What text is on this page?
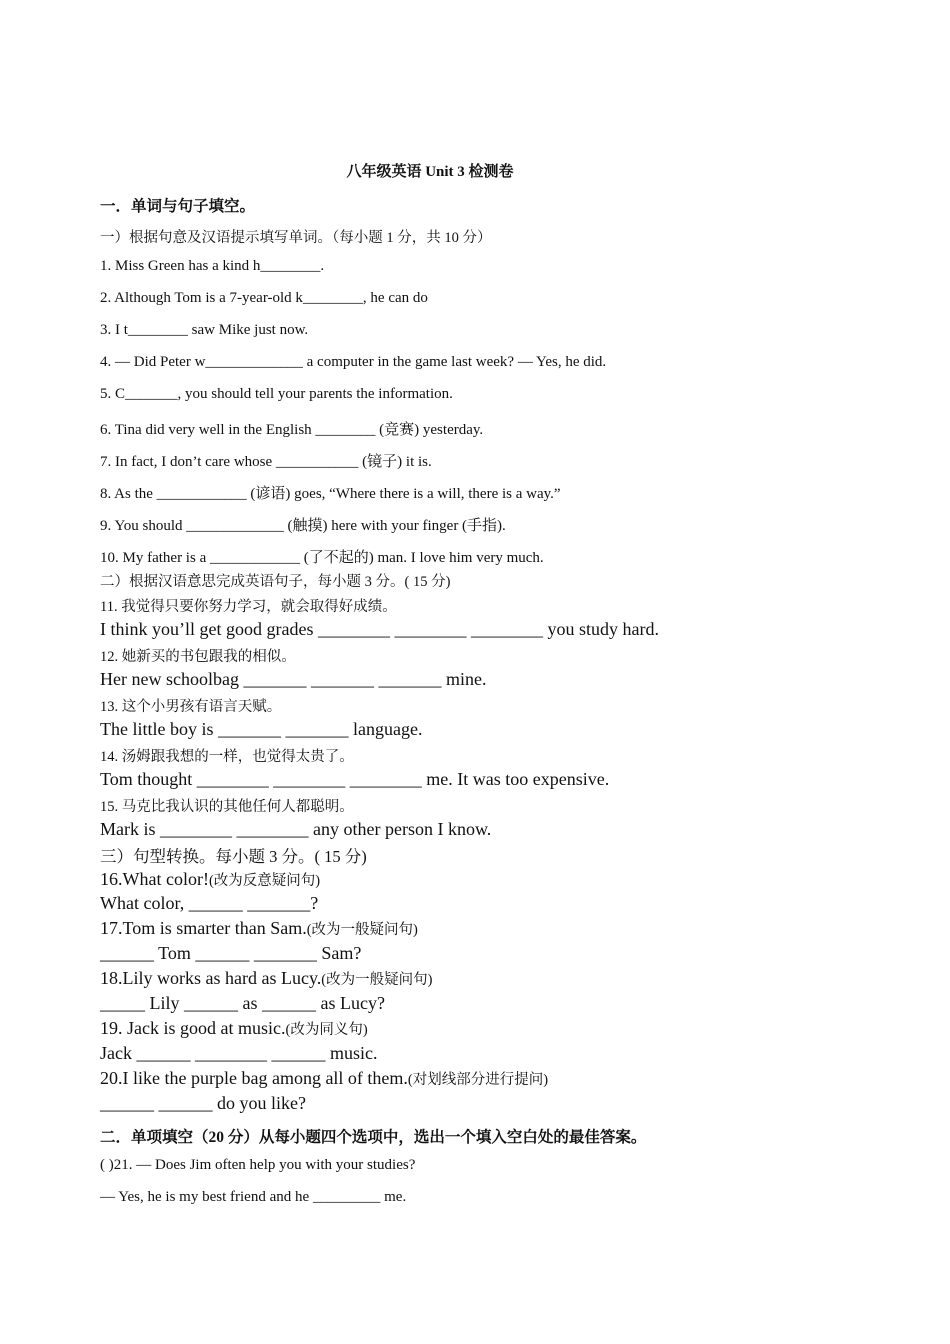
八年级英语 Unit 3 检测卷
一．单词与句子填空。
一）根据句意及汉语提示填写单词。（每小题 1 分，共 10 分）
1. Miss Green has a kind h________.
2. Although Tom is a 7-year-old k________, he can do
3. I t________ saw Mike just now.
4. — Did Peter w_____________ a computer in the game last week? — Yes, he did.
5. C_______, you should tell your parents the information.
6. Tina did very well in the English ________ (竞赛) yesterday.
7. In fact, I don’t care whose ___________ (镜子) it is.
8. As the ____________ (谚语) goes, “Where there is a will, there is a way.”
9. You should _____________ (触摸) here with your finger (手指).
10. My father is a ____________ (了不起的) man. I love him very much.
二）根据汉语意思完成英语句子，每小题 3 分。( 15 分)
11. 我觉得只要你努力学习，就会取得好成绩。
I think you’ll get good grades ________ ________ ________ you study hard.
12. 她新买的书包跟我的相似。
Her new schoolbag _______ _______ _______ mine.
13. 这个小男孩有语言天赋。
The little boy is _______ _______ language.
14. 汤姆跟我想的一样，也觉得太贵了。
Tom thought ________ ________ ________ me. It was too expensive.
15. 马克比我认识的其他任何人都聪明。
Mark is ________ ________ any other person I know.
三）句型转换。每小题 3 分。( 15 分)
16.What color!(改为反意疑问句)
What color, ______ _______?
17.Tom is smarter than Sam.(改为一般疑问句)
______ Tom ______ _______ Sam?
18.Lily works as hard as Lucy.(改为一般疑问句)
_____ Lily ______ as ______ as Lucy?
19. Jack is good at music.(改为同义句)
Jack ______ ________ ______ music.
20.I like the purple bag among all of them.(对划线部分进行提问)
______ ______ do you like?
二．单项填空（20 分）从每小题四个选项中，选出一个填入空白处的最佳答案。
( )21. — Does Jim often help you with your studies?
— Yes, he is my best friend and he _________ me.
